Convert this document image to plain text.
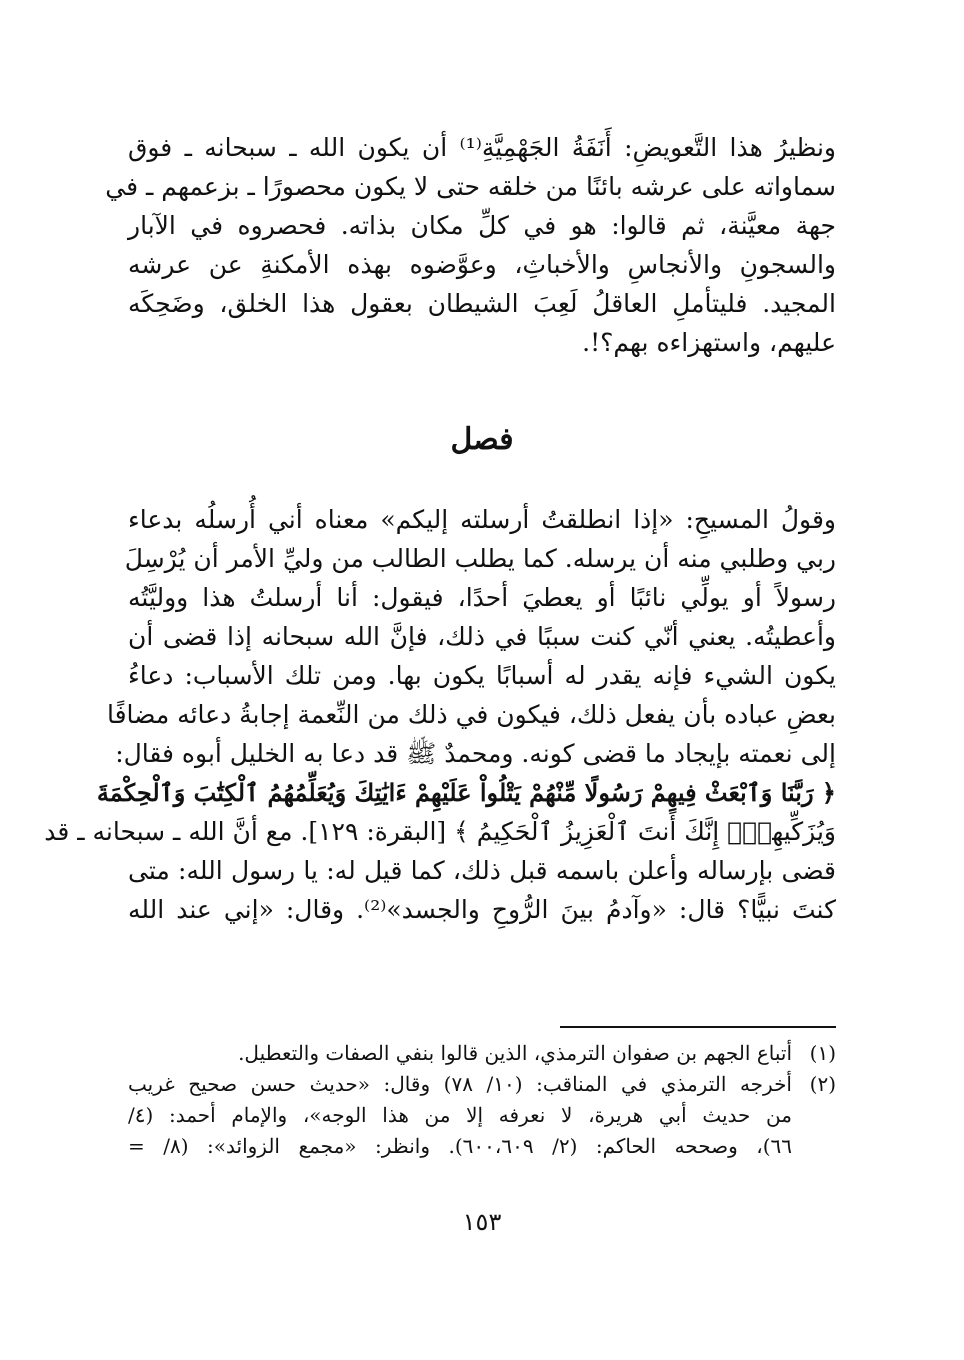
ونظيرُ هذا التَّعويضِ: أَنَفَةُ الجَهْمِيَّةِ⁽¹⁾ أن يكون الله ـ سبحانه ـ فوق
سماواته على عرشه بائنًا من خلقه حتى لا يكون محصورًا ـ بزعمهم ـ في
جهة معيَّنة، ثم قالوا: هو في كلِّ مكان بذاته. فحصروه في الآبار
والسجونِ والأنجاسِ والأخباثِ، وعوَّضوه بهذه الأمكنةِ عن عرشه
المجيد. فليتأملِ العاقلُ لَعِبَ الشيطان بعقول هذا الخلق، وضَحِكَه
عليهم، واستهزاءه بهم؟!.
فصل
وقولُ المسيحِ: «إذا انطلقتُ أرسلته إليكم» معناه أني أُرسلُه بدعاء
ربي وطلبي منه أن يرسله. كما يطلب الطالب من وليِّ الأمر أن يُرْسِلَ
رسولاً أو يولِّي نائبًا أو يعطيَ أحدًا، فيقول: أنا أرسلتُ هذا ووليَّتُه
وأعطيتُه. يعني أنّي كنت سببًا في ذلك، فإنَّ الله سبحانه إذا قضى أن
يكون الشيء فإنه يقدر له أسبابًا يكون بها. ومن تلك الأسباب: دعاءُ
بعضِ عباده بأن يفعل ذلك، فيكون في ذلك من النِّعمة إجابةُ دعائه مضافًا
إلى نعمته بإيجاد ما قضى كونه. ومحمدٌ ﷺ قد دعا به الخليل أبوه فقال:
﴿ رَبَّنَا وَٱبْعَثْ فِيهِمْ رَسُولًا مِّنْهُمْ يَتْلُواْ عَلَيْهِمْ ءَايَٰتِكَ وَيُعَلِّمُهُمُ ٱلْكِتَٰبَ وَٱلْحِكْمَةَ
وَيُزَكِّيهِمْۚ إِنَّكَ أَنتَ ٱلْعَزِيزُ ٱلْحَكِيمُ ﴾ [البقرة: ١٢٩]. مع أنَّ الله ـ سبحانه ـ قد
قضى بإرساله وأعلن باسمه قبل ذلك، كما قيل له: يا رسول الله: متى
كنتَ نبيًّا؟ قال: «وآدمُ بينَ الرُّوحِ والجسد»⁽²⁾. وقال: «إني عند الله
(١)أتباع الجهم بن صفوان الترمذي، الذين قالوا بنفي الصفات والتعطيل.
(٢)أخرجه الترمذي في المناقب: (١٠/ ٧٨) وقال: «حديث حسن صحيح غريب
من حديث أبي هريرة، لا نعرفه إلا من هذا الوجه»، والإمام أحمد: (٤/
٦٦)، وصححه الحاكم: (٢/ ٦٠٠،٦٠٩). وانظر: «مجمع الزوائد»: (٨/ =
١٥٣
